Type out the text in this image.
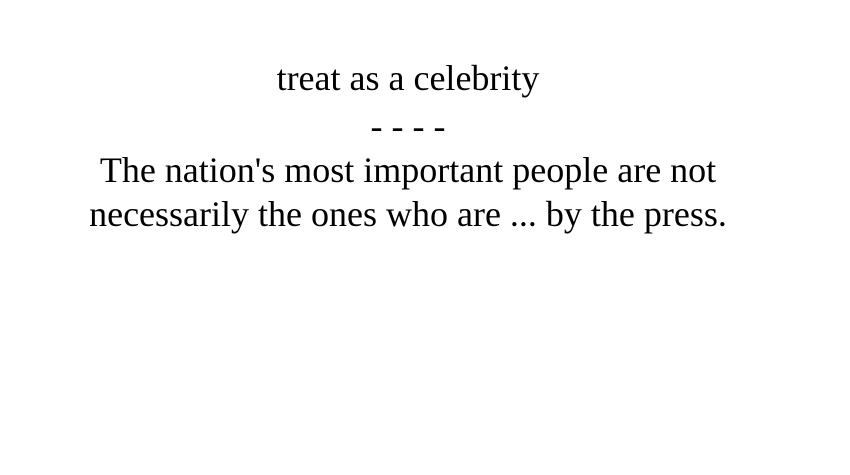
treat as a celebrity
- - - -
The nation's most important people are not
necessarily the ones who are ... by the press.
